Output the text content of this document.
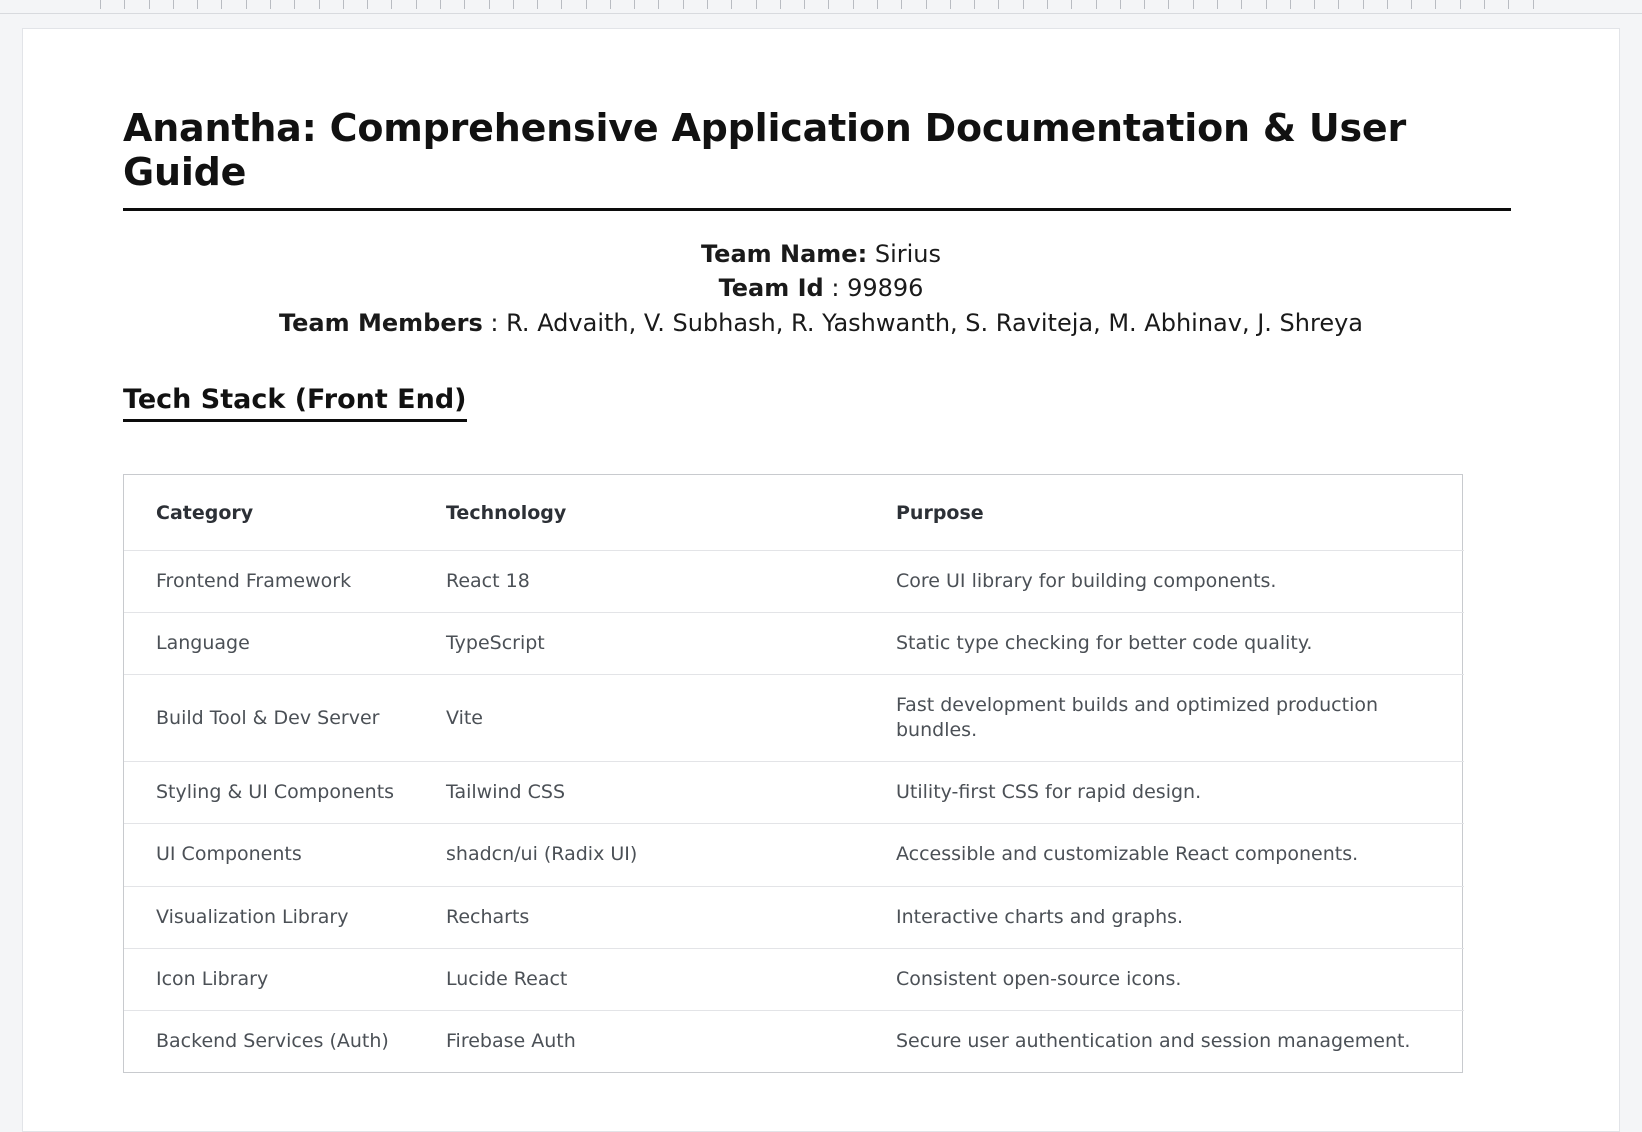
Anantha: Comprehensive Application Documentation & User Guide
Team Name: Sirius
Team Id : 99896
Team Members : R. Advaith, V. Subhash, R. Yashwanth, S. Raviteja, M. Abhinav, J. Shreya
Tech Stack (Front End)
Category	Technology	Purpose
Frontend Framework	React 18	Core UI library for building components.
Language	TypeScript	Static type checking for better code quality.
Build Tool & Dev Server	Vite	Fast development builds and optimized production bundles.
Styling & UI Components	Tailwind CSS	Utility-first CSS for rapid design.
UI Components	shadcn/ui (Radix UI)	Accessible and customizable React components.
Visualization Library	Recharts	Interactive charts and graphs.
Icon Library	Lucide React	Consistent open-source icons.
Backend Services (Auth)	Firebase Auth	Secure user authentication and session management.
